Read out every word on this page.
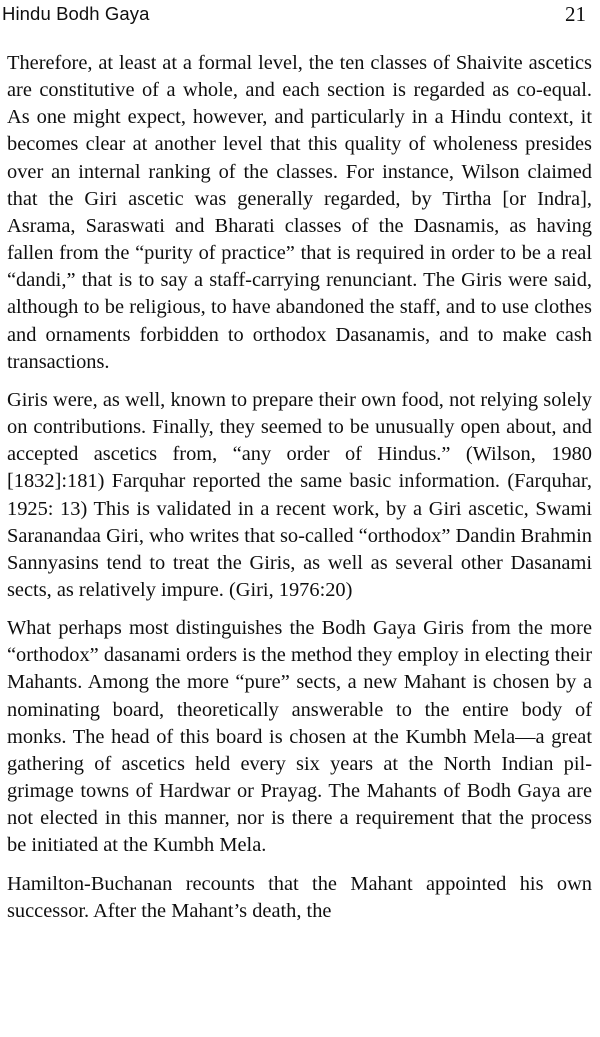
Hindu Bodh Gaya	21

Therefore, at least at a formal level, the ten classes of Shaivite ascetics are constitutive of a whole, and each section is regarded as co-equal. As one might expect, however, and particularly in a Hindu context, it becomes clear at another level that this quality of wholeness presides over an internal ranking of the classes. For instance, Wilson claimed that the Giri ascetic was generally regarded, by Tirtha [or Indra], Asrama, Saraswati and Bharati classes of the Dasnamis, as having fallen from the “purity of practice” that is required in order to be a real “dandi,” that is to say a staff-carrying renunciant. The Giris were said, although to be religious, to have abandoned the staff, and to use clothes and ornaments forbidden to orthodox Dasanamis, and to make cash transactions.

Giris were, as well, known to prepare their own food, not relying solely on contributions. Finally, they seemed to be unusually open about, and accepted ascetics from, “any order of Hindus.” (Wilson, 1980 [1832]:181) Farquhar reported the same basic information. (Farquhar, 1925: 13) This is validated in a recent work, by a Giri ascetic, Swami Saranandaa Giri, who writes that so-called “orthodox” Dandin Brahmin Sannyasins tend to treat the Giris, as well as several other Dasanami sects, as relatively impure. (Giri, 1976:20)

What perhaps most distinguishes the Bodh Gaya Giris from the more “orthodox” dasanami orders is the method they employ in electing their Mahants. Among the more “pure” sects, a new Mahant is chosen by a nominating board, theoretically answerable to the entire body of monks. The head of this board is chosen at the Kumbh Mela—a great gathering of ascetics held every six years at the North Indian pilgrimage towns of Hardwar or Prayag. The Mahants of Bodh Gaya are not elected in this manner, nor is there a requirement that the process be initiated at the Kumbh Mela.

Hamilton-Buchanan recounts that the Mahant appointed his own successor. After the Mahant’s death, the
